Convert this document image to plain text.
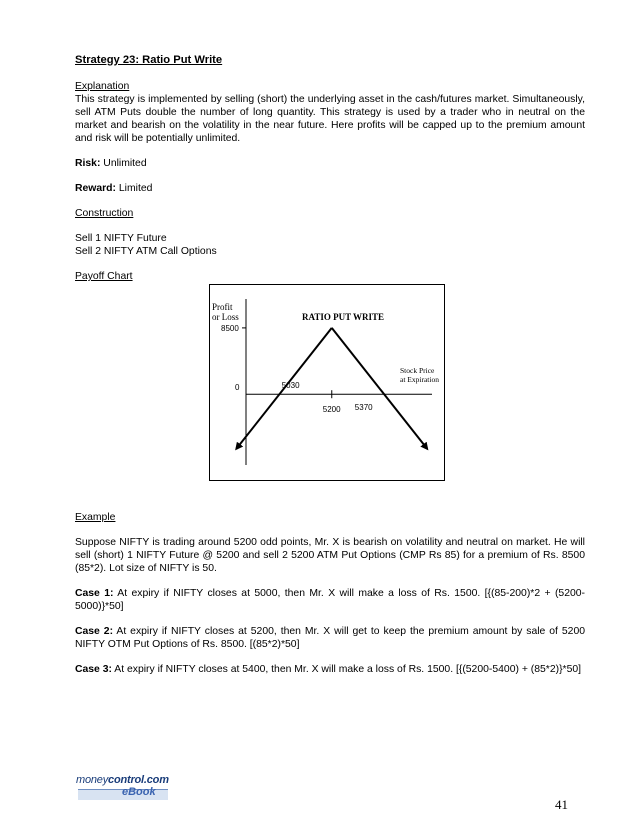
Strategy 23: Ratio Put Write
Explanation

This strategy is implemented by selling (short) the underlying asset in the cash/futures market. Simultaneously, sell ATM Puts double the number of long quantity. This strategy is used by a trader who in neutral on the market and bearish on the volatility in the near future. Here profits will be capped up to the premium amount and risk will be potentially unlimited.

Risk: Unlimited

Reward: Limited

Construction
Sell 1 NIFTY Future
Sell 2 NIFTY ATM Call Options
Payoff Chart
Example

Suppose NIFTY is trading around 5200 odd points, Mr. X is bearish on volatility and neutral on market. He will sell (short) 1 NIFTY Future @ 5200 and sell 2 5200 ATM Put Options (CMP Rs 85) for a premium of Rs. 8500 (85*2). Lot size of NIFTY is 50.

Case 1: At expiry if NIFTY closes at 5000, then Mr. X will make a loss of Rs. 1500. [{(85-200)*2 + (5200-5000)}*50]

Case 2: At expiry if NIFTY closes at 5200, then Mr. X will get to keep the premium amount by sale of 5200 NIFTY OTM Put Options of Rs. 8500. [(85*2)*50]

Case 3: At expiry if NIFTY closes at 5400, then Mr. X will make a loss of Rs. 1500. [{(5200-5400) + (85*2)}*50]

Profit
or Loss	RATIO PUT WRITE
Stock Price
at Expiration
8500
0	5030
5200 5370
moneycontrol.com
eBook
41
